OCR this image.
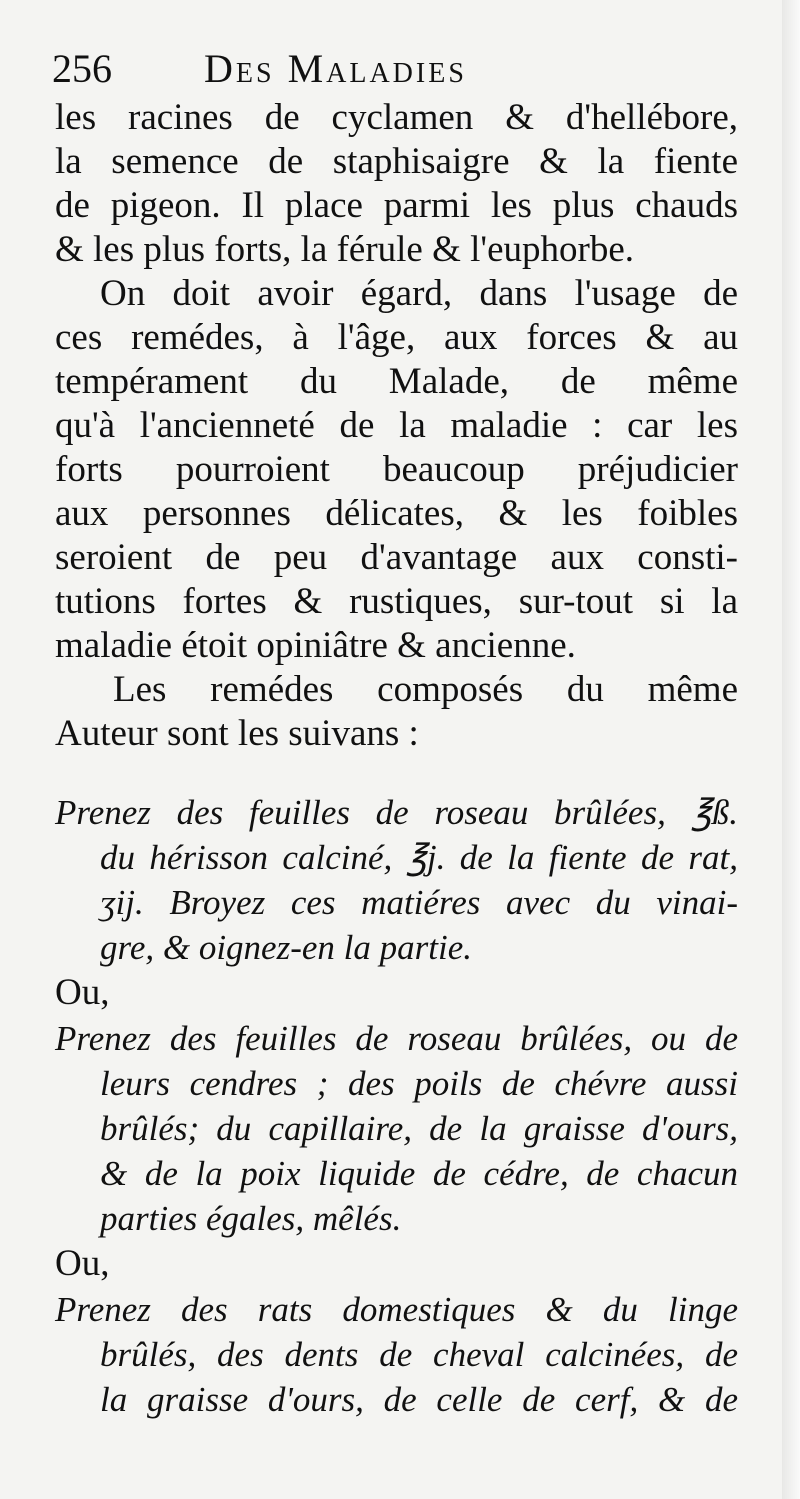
256 Des Maladies
les racines de cyclamen & d'hellébore,
la semence de staphisaigre & la fiente
de pigeon. Il place parmi les plus chauds
& les plus forts, la férule & l'euphorbe.
On doit avoir égard, dans l'usage de
ces remédes, à l'âge, aux forces & au
tempérament du Malade, de même
qu'à l'ancienneté de la maladie : car les
forts pourroient beaucoup préjudicier
aux personnes délicates, & les foibles
seroient de peu d'avantage aux consti-
tutions fortes & rustiques, sur-tout si la
maladie étoit opiniâtre & ancienne.
Les remédes composés du même
Auteur sont les suivans :
Prenez des feuilles de roseau brûlées, ℥ß.
du hérisson calciné, ℥j. de la fiente de rat,
ʒij. Broyez ces matiéres avec du vinai-
gre, & oignez-en la partie.
Ou,
Prenez des feuilles de roseau brûlées, ou de
leurs cendres ; des poils de chévre aussi
brûlés; du capillaire, de la graisse d'ours,
& de la poix liquide de cédre, de chacun
parties égales, mêlés.
Ou,
Prenez des rats domestiques & du linge
brûlés, des dents de cheval calcinées, de
la graisse d'ours, de celle de cerf, & de
